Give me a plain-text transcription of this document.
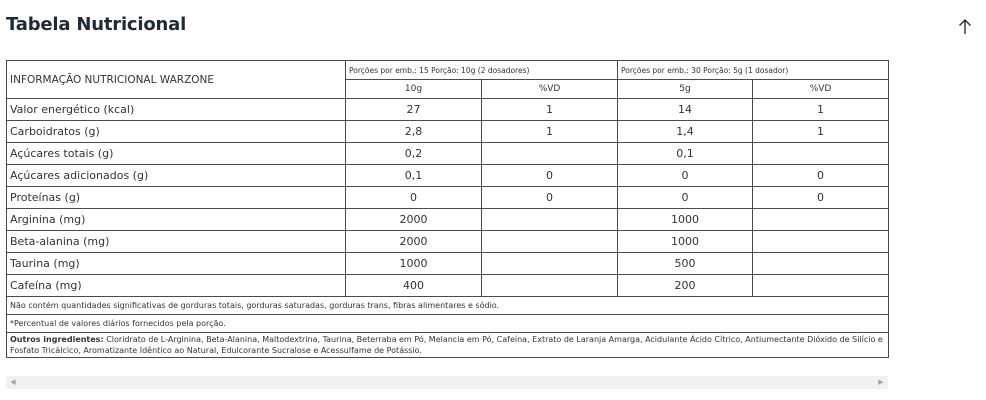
Tabela Nutricional
INFORMAÇÃO NUTRICIONAL WARZONE	Porções por emb.: 15 Porção: 10g (2 dosadores)		Porções por emb.: 30 Porção: 5g (1 dosador)	
	10g	%VD	5g	%VD
Valor energético (kcal)	27	1	14	1
Carboidratos (g)	2,8	1	1,4	1
Açúcares totais (g)	0,2		0,1	
Açúcares adicionados (g)	0,1	0	0	0
Proteínas (g)	0	0	0	0
Arginina (mg)	2000		1000	
Beta-alanina (mg)	2000		1000	
Taurina (mg)	1000		500	
Cafeína (mg)	400		200	
Não contém quantidades significativas de gorduras totais, gorduras saturadas, gorduras trans, fibras alimentares e sódio.				
*Percentual de valores diários fornecidos pela porção.				
Outros ingredientes: Cloridrato de L-Arginina, Beta-Alanina, Maltodextrina, Taurina, Beterraba em Pó, Melancia em Pó, Cafeína, Extrato de Laranja Amarga, Acidulante Ácido Cítrico, Antiumectante Dióxido de Silício e Fosfato Tricálcico, Aromatizante Idêntico ao Natural, Edulcorante Sucralose e Acessulfame de Potássio.				
◀	▶
